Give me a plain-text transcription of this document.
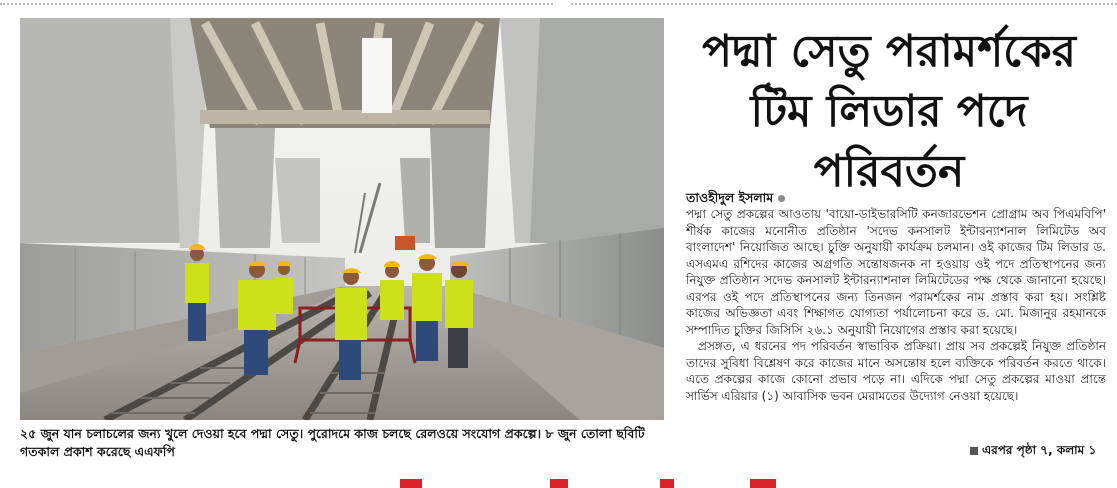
২৫ জুন যান চলাচলের জন্য খুলে দেওয়া হবে পদ্মা সেতু। পুরোদমে কাজ চলছে রেলওয়ে সংযোগ প্রকল্পে। ৮ জুন তোলা ছবিটি গতকাল প্রকাশ করেছে এএফপি
পদ্মা সেতু পরামর্শকের
টিম লিডার পদে
পরিবর্তন
তাওহীদুল ইসলাম

পদ্মা সেতু প্রকল্পের আওতায় 'বায়ো-ডাইভারসিটি কনজারভেশন প্রোগ্রাম অব পিএমবিপি' শীর্ষক কাজের মনোনীত প্রতিষ্ঠান 'সদেভ কনসালট ইন্টারন্যাশনাল লিমিটেড অব বাংলাদেশ' নিয়োজিত আছে। চুক্তি অনুযায়ী কার্যক্রম চলমান। ওই কাজের টিম লিডার ড. এসএমএ রশিদের কাজের অগ্রগতি সন্তোষজনক না হওয়ায় ওই পদে প্রতিস্থাপনের জন্য নিযুক্ত প্রতিষ্ঠান সদেভ কনসালট ইন্টারন্যাশনাল লিমিটেডের পক্ষ থেকে জানানো হয়েছে। এরপর ওই পদে প্রতিস্থাপনের জন্য তিনজন পরামর্শকের নাম প্রস্তাব করা হয়। সংশ্লিষ্ট কাজের অভিজ্ঞতা এবং শিক্ষাগত যোগ্যতা পর্যালোচনা করে ড. মো. মিজানুর রহমানকে সম্পাদিত চুক্তির জিসিসি ২৬.১ অনুযায়ী নিয়োগের প্রস্তাব করা হয়েছে।

প্রসঙ্গত, এ ধরনের পদ পরিবর্তন স্বাভাবিক প্রক্রিয়া। প্রায় সব প্রকল্পেই নিযুক্ত প্রতিষ্ঠান তাদের সুবিধা বিশ্লেষণ করে কাজের মানে অসন্তোষ হলে ব্যক্তিকে পরিবর্তন করতে থাকে। এতে প্রকল্পের কাজে কোনো প্রভাব পড়ে না। এদিকে পদ্মা সেতু প্রকল্পের মাওয়া প্রান্তে সার্ভিস এরিয়ার (১) আবাসিক ভবন মেরামতের উদ্যোগ নেওয়া হয়েছে।

এরপর পৃষ্ঠা ৭, কলাম ১
